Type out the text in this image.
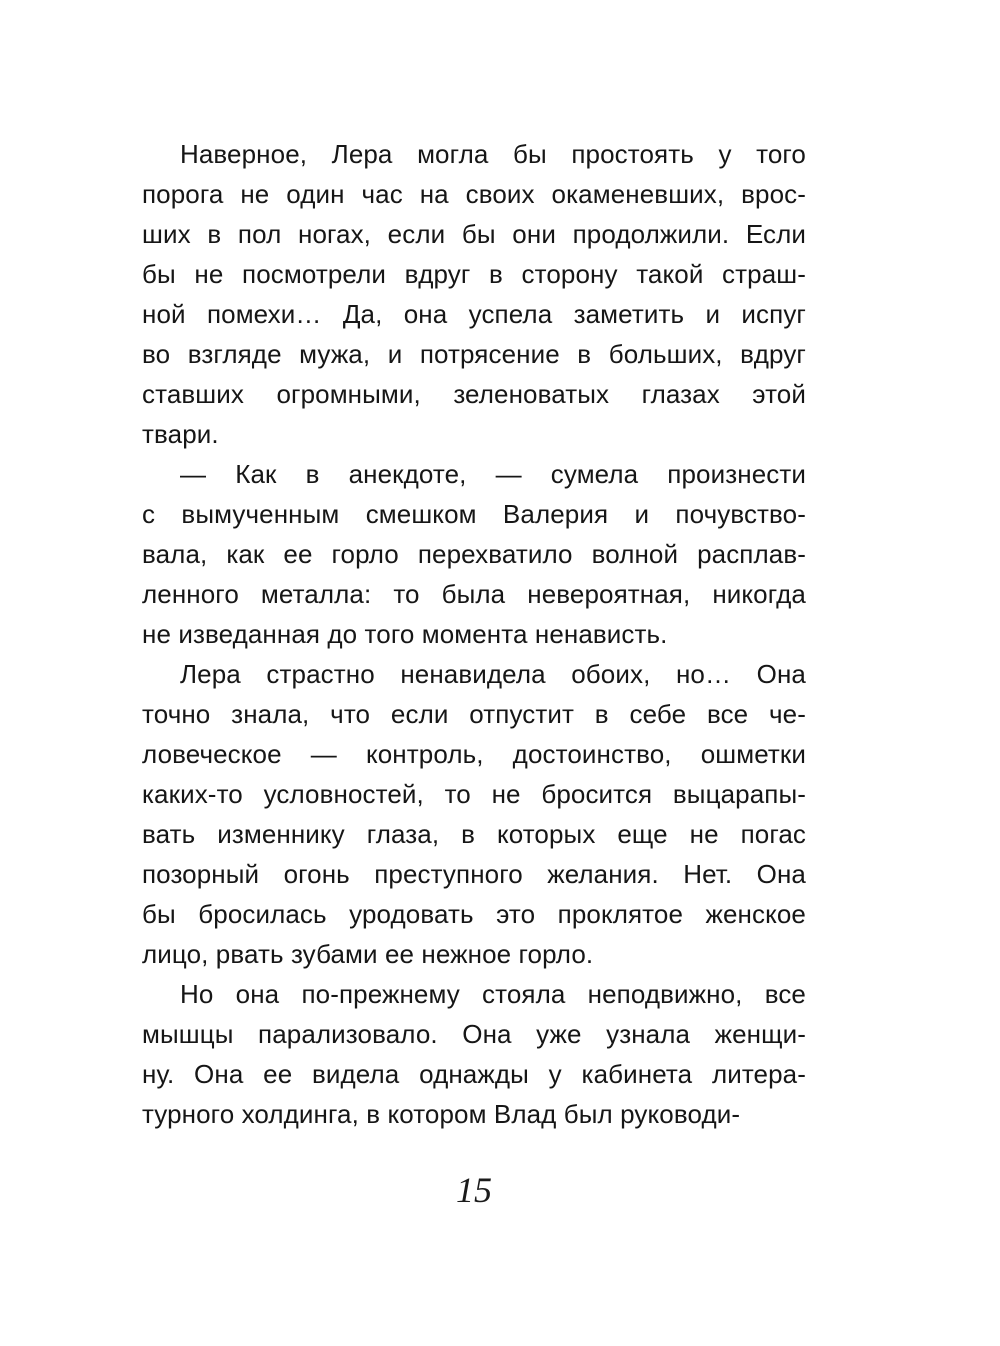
Наверное, Лера могла бы простоять у того
порога не один час на своих окаменевших, врос-
ших в пол ногах, если бы они продолжили. Если
бы не посмотрели вдруг в сторону такой страш-
ной помехи… Да, она успела заметить и испуг
во взгляде мужа, и потрясение в больших, вдруг
ставших огромными, зеленоватых глазах этой
твари.
— Как в анекдоте, — сумела произнести
с вымученным смешком Валерия и почувство-
вала, как ее горло перехватило волной расплав-
ленного металла: то была невероятная, никогда
не изведанная до того момента ненависть.
Лера страстно ненавидела обоих, но… Она
точно знала, что если отпустит в себе все че-
ловеческое — контроль, достоинство, ошметки
каких-то условностей, то не бросится выцарапы-
вать изменнику глаза, в которых еще не погас
позорный огонь преступного желания. Нет. Она
бы бросилась уродовать это проклятое женское
лицо, рвать зубами ее нежное горло.
Но она по-прежнему стояла неподвижно, все
мышцы парализовало. Она уже узнала женщи-
ну. Она ее видела однажды у кабинета литера-
турного холдинга, в котором Влад был руководи-
15
